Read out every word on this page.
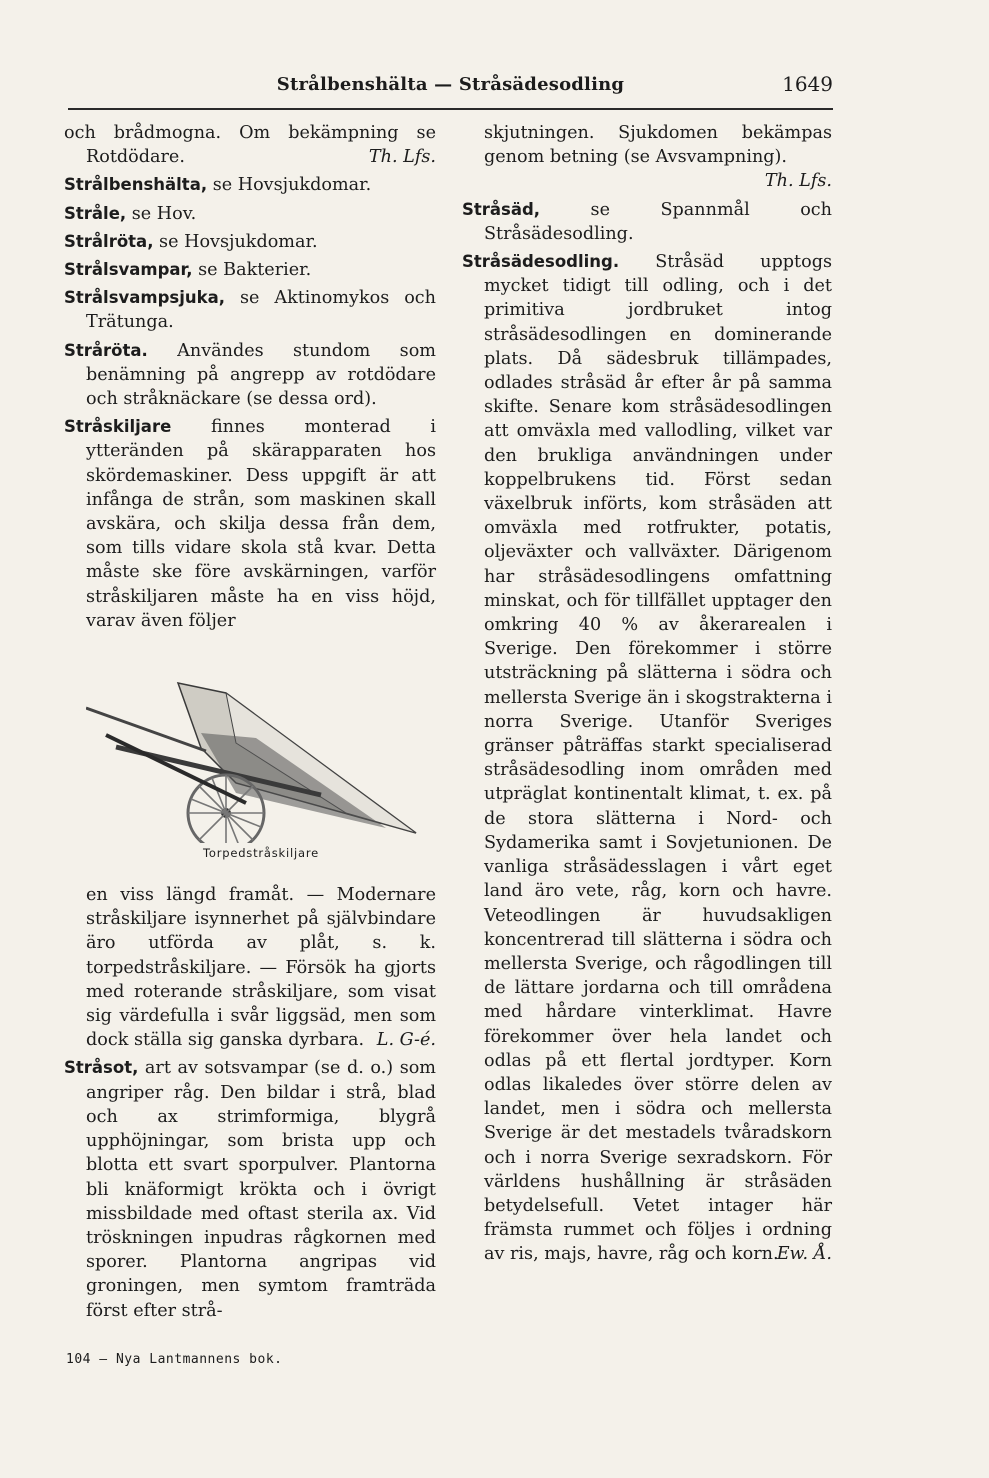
Strålbenshälta — Stråsädesodling	1649

och brådmogna. Om bekämpning se Rotdödare.	Th. Lfs.

Strålbenshälta, se Hovsjukdomar.

Stråle, se Hov.

Strålröta, se Hovsjukdomar.

Strålsvampar, se Bakterier.

Strålsvampsjuka, se Aktinomykos och Trätunga.

Stråröta. Användes stundom som benämning på angrepp av rotdödare och stråknäckare (se dessa ord).

Stråskiljare finnes monterad i ytteränden på skärapparaten hos skördemaskiner. Dess uppgift är att infånga de strån, som maskinen skall avskära, och skilja dessa från dem, som tills vidare skola stå kvar. Detta måste ske före avskärningen, varför stråskiljaren måste ha en viss höjd, varav även följer

Torpedstråskiljare

en viss längd framåt. — Modernare stråskiljare isynnerhet på självbindare äro utförda av plåt, s. k. torpedstråskiljare. — Försök ha gjorts med roterande stråskiljare, som visat sig värdefulla i svår liggsäd, men som dock ställa sig ganska dyrbara. L. G-é.

Stråsot, art av sotsvampar (se d. o.) som angriper råg. Den bildar i strå, blad och ax strimformiga, blygrå upphöjningar, som brista upp och blotta ett svart sporpulver. Plantorna bli knäformigt krökta och i övrigt missbildade med oftast sterila ax. Vid tröskningen inpudras rågkornen med sporer. Plantorna angripas vid groningen, men symtom framträda först efter strå-

skjutningen. Sjukdomen bekämpas genom betning (se Avsvampning).
Th. Lfs.

Stråsäd, se Spannmål och Stråsädesodling.

Stråsädesodling. Stråsäd upptogs mycket tidigt till odling, och i det primitiva jordbruket intog stråsädesodlingen en dominerande plats. Då sädesbruk tillämpades, odlades stråsäd år efter år på samma skifte. Senare kom stråsädesodlingen att omväxla med vallodling, vilket var den brukliga användningen under koppelbrukens tid. Först sedan växelbruk införts, kom stråsäden att omväxla med rotfrukter, potatis, oljeväxter och vallväxter. Därigenom har stråsädesodlingens omfattning minskat, och för tillfället upptager den omkring 40 % av åkerarealen i Sverige. Den förekommer i större utsträckning på slätterna i södra och mellersta Sverige än i skogstrakterna i norra Sverige. Utanför Sveriges gränser påträffas starkt specialiserad stråsädesodling inom områden med utpräglat kontinentalt klimat, t. ex. på de stora slätterna i Nord- och Sydamerika samt i Sovjetunionen. De vanliga stråsädesslagen i vårt eget land äro vete, råg, korn och havre. Veteodlingen är huvudsakligen koncentrerad till slätterna i södra och mellersta Sverige, och rågodlingen till de lättare jordarna och till områdena med hårdare vinterklimat. Havre förekommer över hela landet och odlas på ett flertal jordtyper. Korn odlas likaledes över större delen av landet, men i södra och mellersta Sverige är det mestadels tvåradskorn och i norra Sverige sexradskorn. För världens hushållning är stråsäden betydelsefull. Vetet intager här främsta rummet och följes i ordning av ris, majs, havre, råg och korn.
Ew. Å.

104 — Nya Lantmannens bok.
